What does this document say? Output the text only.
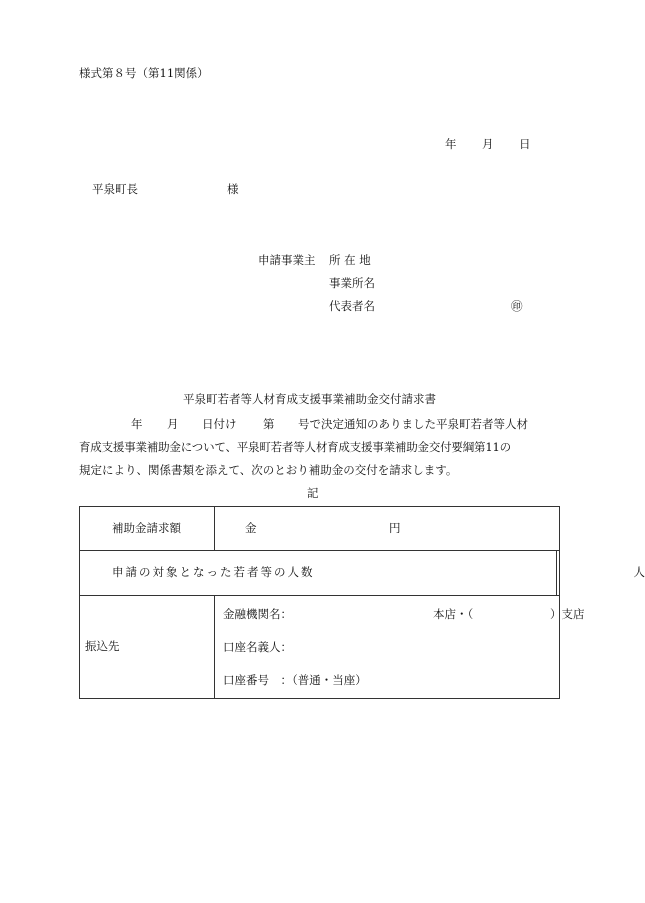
様式第８号（第11関係）
年 月 日
平泉町長	様
申請事業主 所 在 地
事業所名
代表者名	㊞
平泉町若者等人材育成支援事業補助金交付請求書
年 月 日付け 第 号で決定通知のありました平泉町若者等人材
育成支援事業補助金について、平泉町若者等人材育成支援事業補助金交付要綱第11の
規定により、関係書類を添えて、次のとおり補助金の交付を請求します。
記
補助金請求額	金 円	

申請の対象となった若者等の人数		人

振込先	金融機関名： 本店・（ ）支店
口座名義人：
口座番号　：（普通・当座）	
